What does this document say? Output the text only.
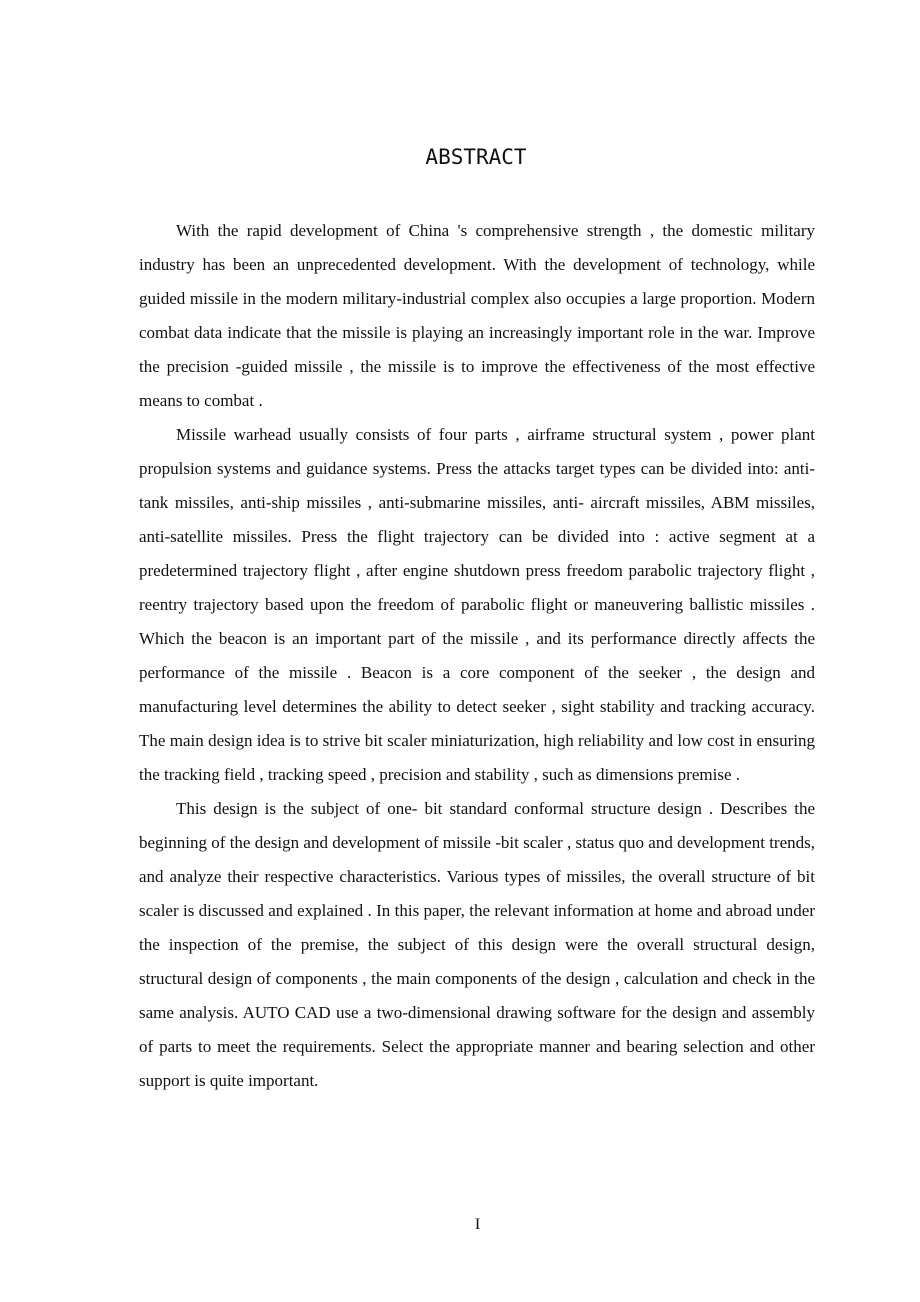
ABSTRACT

With the rapid development of China 's comprehensive strength , the domestic military industry has been an unprecedented development. With the development of technology, while guided missile in the modern military-industrial complex also occupies a large proportion. Modern combat data indicate that the missile is playing an increasingly important role in the war. Improve the precision -guided missile , the missile is to improve the effectiveness of the most effective means to combat .

Missile warhead usually consists of four parts , airframe structural system , power plant propulsion systems and guidance systems. Press the attacks target types can be divided into: anti-tank missiles, anti-ship missiles , anti-submarine missiles, anti- aircraft missiles, ABM missiles, anti-satellite missiles. Press the flight trajectory can be divided into : active segment at a predetermined trajectory flight , after engine shutdown press freedom parabolic trajectory flight , reentry trajectory based upon the freedom of parabolic flight or maneuvering ballistic missiles . Which the beacon is an important part of the missile , and its performance directly affects the performance of the missile . Beacon is a core component of the seeker , the design and manufacturing level determines the ability to detect seeker , sight stability and tracking accuracy. The main design idea is to strive bit scaler miniaturization, high reliability and low cost in ensuring the tracking field , tracking speed , precision and stability , such as dimensions premise .

This design is the subject of one- bit standard conformal structure design . Describes the beginning of the design and development of missile -bit scaler , status quo and development trends, and analyze their respective characteristics. Various types of missiles, the overall structure of bit scaler is discussed and explained . In this paper, the relevant information at home and abroad under the inspection of the premise, the subject of this design were the overall structural design, structural design of components , the main components of the design , calculation and check in the same analysis. AUTO CAD use a two-dimensional drawing software for the design and assembly of parts to meet the requirements. Select the appropriate manner and bearing selection and other support is quite important.

I
